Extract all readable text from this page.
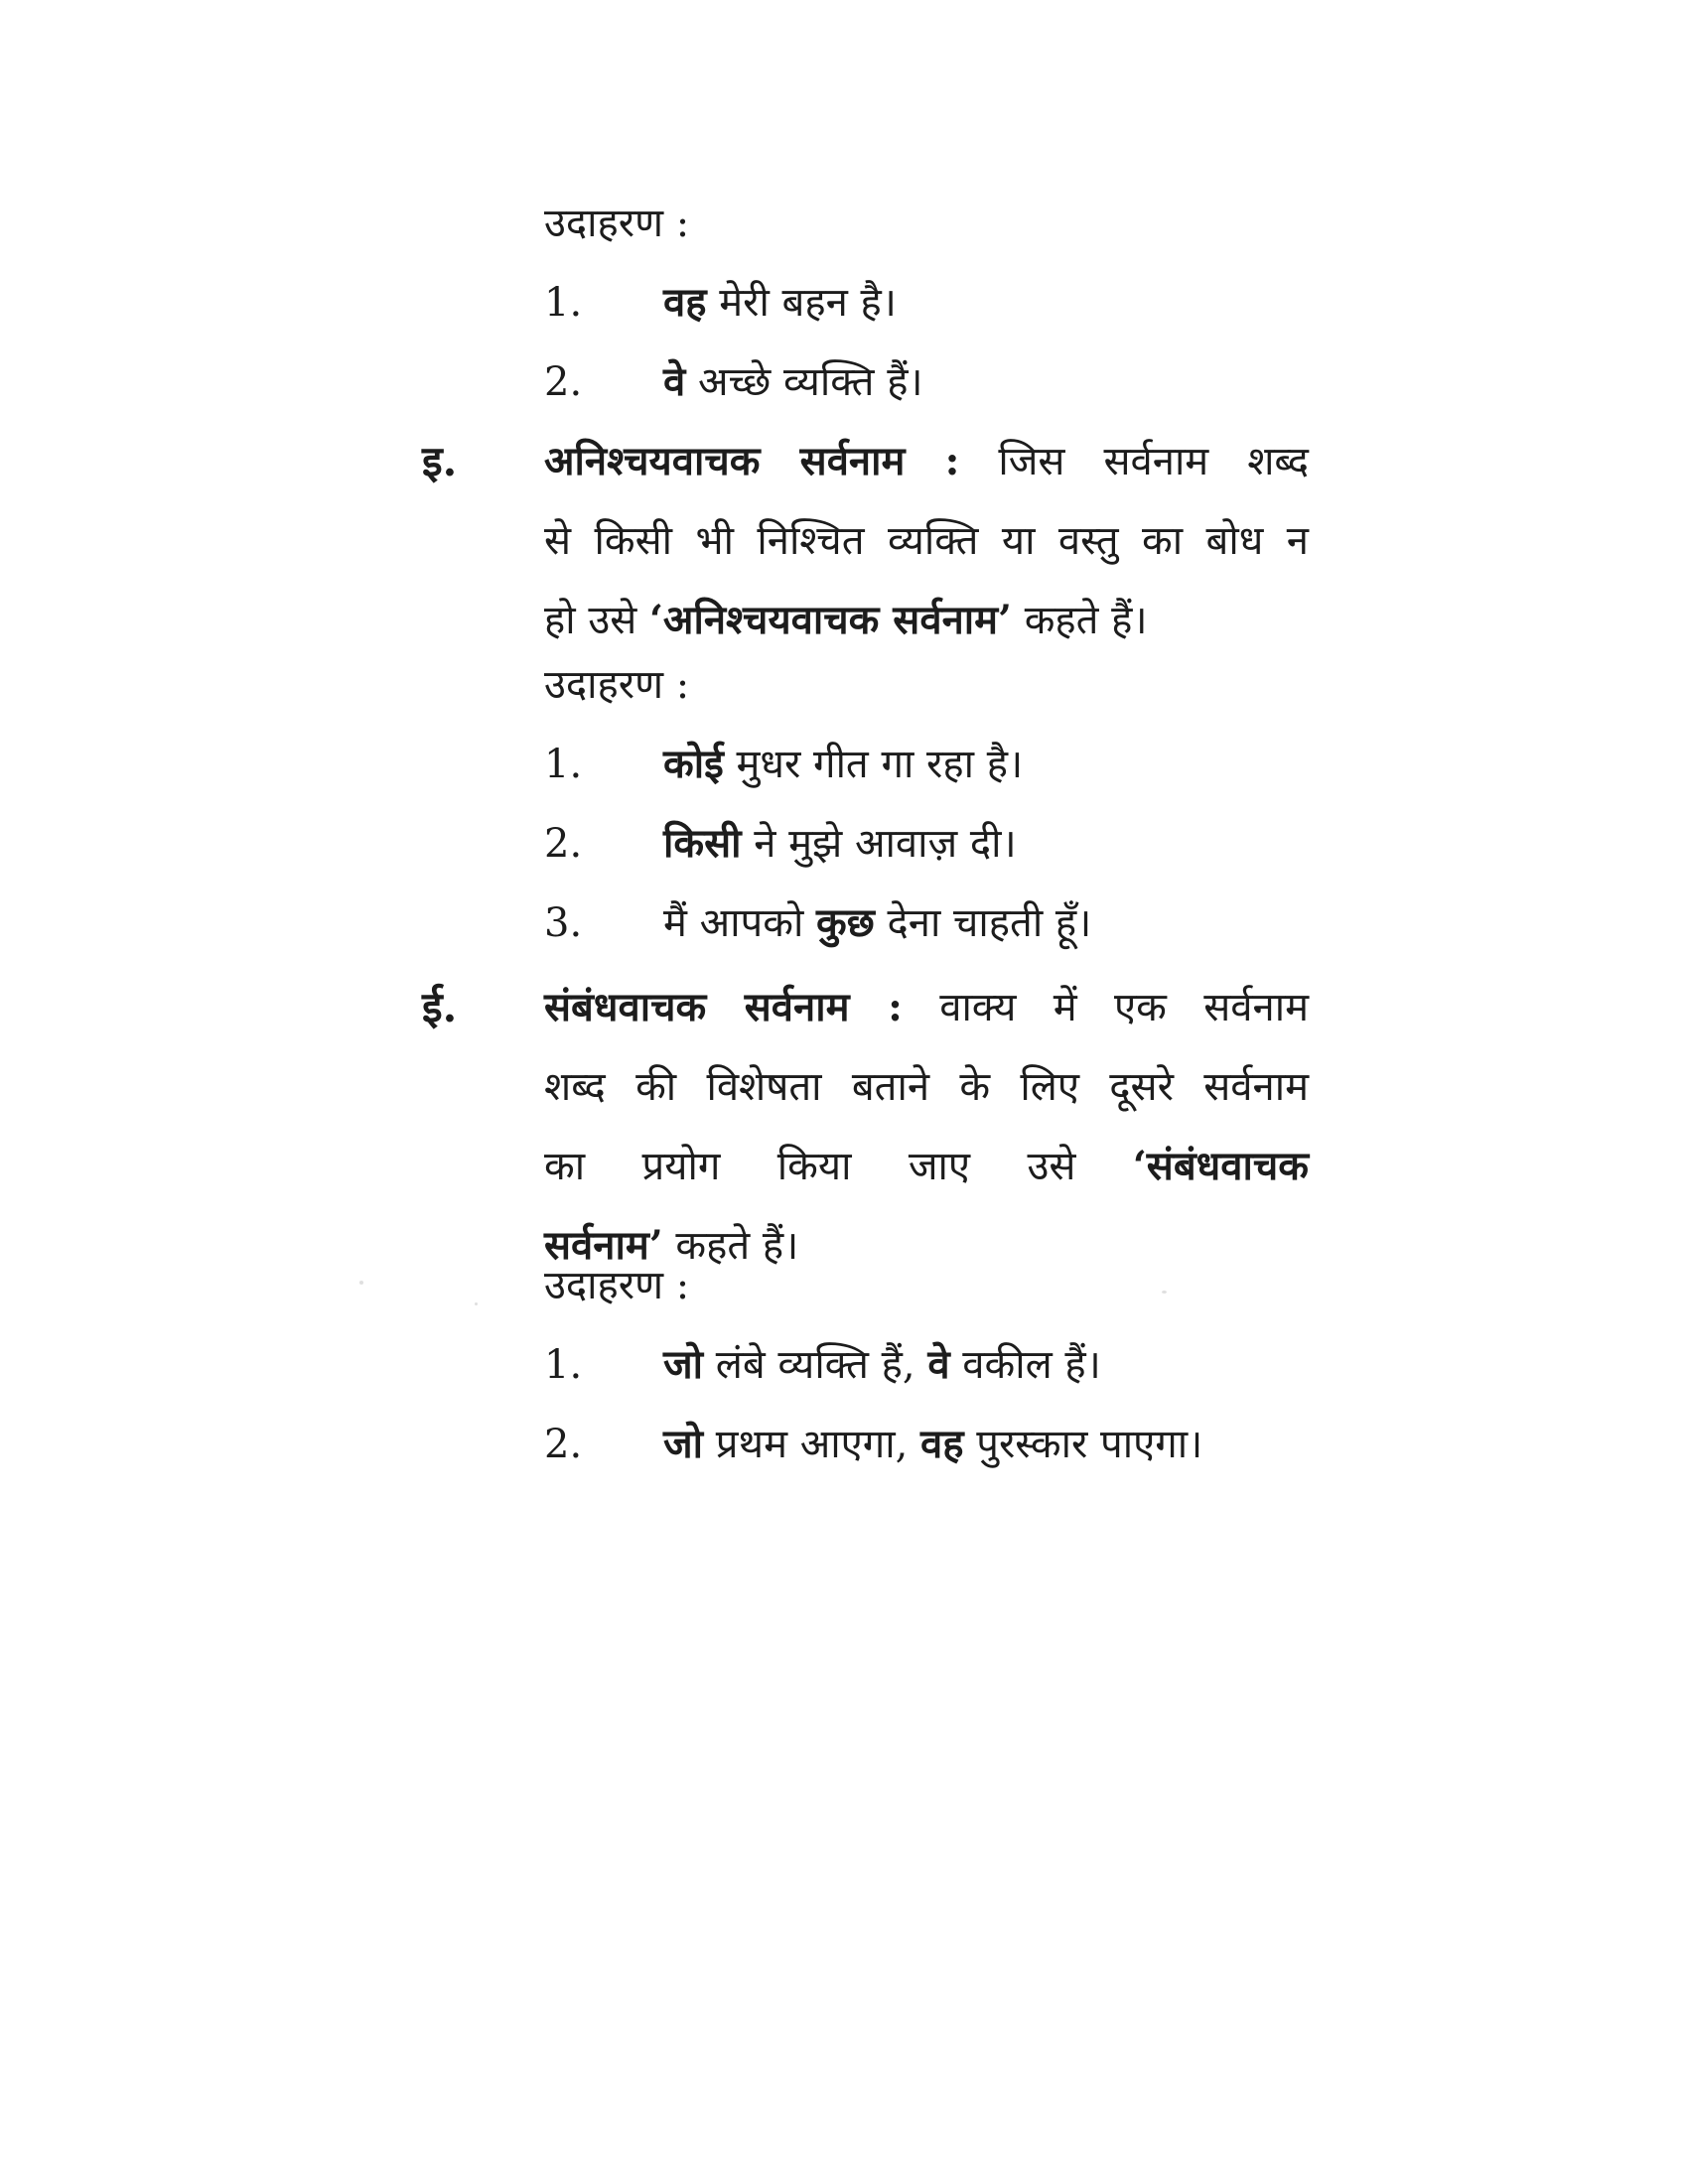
उदाहरण :
1. वह मेरी बहन है।
2. वे अच्छे व्यक्ति हैं।
इ. अनिश्चयवाचक सर्वनाम : जिस सर्वनाम शब्द
से किसी भी निश्चित व्यक्ति या वस्तु का बोध न
हो उसे ‘अनिश्चयवाचक सर्वनाम’ कहते हैं।
उदाहरण :
1. कोई मुधर गीत गा रहा है।
2. किसी ने मुझे आवाज़ दी।
3. मैं आपको कुछ देना चाहती हूँ।
ई. संबंधवाचक सर्वनाम : वाक्य में एक सर्वनाम
शब्द की विशेषता बताने के लिए दूसरे सर्वनाम
का प्रयोग किया जाए उसे ‘संबंधवाचक
सर्वनाम’ कहते हैं।
उदाहरण :
1. जो लंबे व्यक्ति हैं, वे वकील हैं।
2. जो प्रथम आएगा, वह पुरस्कार पाएगा।
